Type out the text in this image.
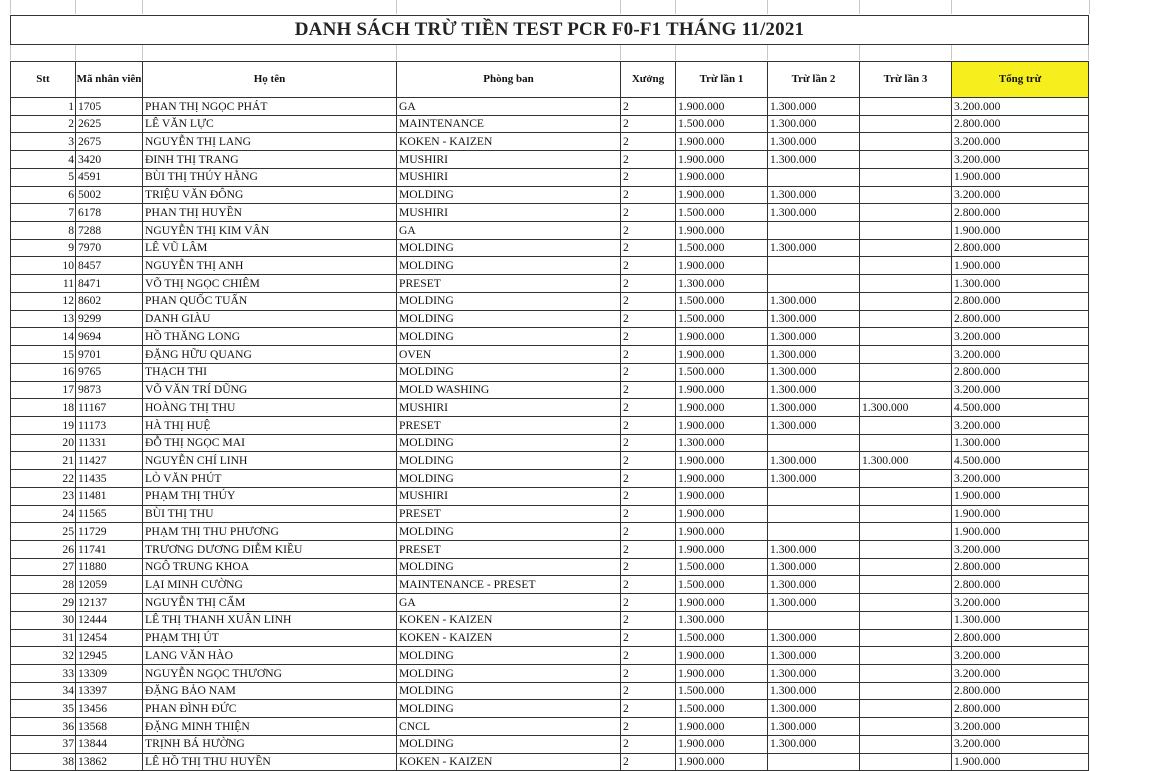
DANH SÁCH TRỪ TIỀN TEST PCR F0-F1 THÁNG 11/2021
Stt	Mã nhân viên	Họ tên	Phòng ban	Xưởng	Trừ lần 1	Trừ lần 2	Trừ lần 3	Tổng trừ
1	1705	PHAN THỊ NGỌC PHÁT	GA	2	1.900.000	1.300.000		3.200.000
2	2625	LÊ VĂN LỰC	MAINTENANCE	2	1.500.000	1.300.000		2.800.000
3	2675	NGUYỄN THỊ LANG	KOKEN - KAIZEN	2	1.900.000	1.300.000		3.200.000
4	3420	ĐINH THỊ TRANG	MUSHIRI	2	1.900.000	1.300.000		3.200.000
5	4591	BÙI THỊ THÚY HẰNG	MUSHIRI	2	1.900.000			1.900.000
6	5002	TRIỆU VĂN ĐÔNG	MOLDING	2	1.900.000	1.300.000		3.200.000
7	6178	PHAN THỊ HUYỀN	MUSHIRI	2	1.500.000	1.300.000		2.800.000
8	7288	NGUYỄN THỊ KIM VÂN	GA	2	1.900.000			1.900.000
9	7970	LÊ VŨ LÂM	MOLDING	2	1.500.000	1.300.000		2.800.000
10	8457	NGUYỄN THỊ ANH	MOLDING	2	1.900.000			1.900.000
11	8471	VÕ THỊ NGỌC CHIÊM	PRESET	2	1.300.000			1.300.000
12	8602	PHAN QUỐC TUẤN	MOLDING	2	1.500.000	1.300.000		2.800.000
13	9299	DANH GIÀU	MOLDING	2	1.500.000	1.300.000		2.800.000
14	9694	HỒ THĂNG LONG	MOLDING	2	1.900.000	1.300.000		3.200.000
15	9701	ĐẶNG HỮU QUANG	OVEN	2	1.900.000	1.300.000		3.200.000
16	9765	THẠCH THI	MOLDING	2	1.500.000	1.300.000		2.800.000
17	9873	VÕ VĂN TRÍ DŨNG	MOLD WASHING	2	1.900.000	1.300.000		3.200.000
18	11167	HOÀNG THỊ THU	MUSHIRI	2	1.900.000	1.300.000	1.300.000	4.500.000
19	11173	HÀ THỊ HUỆ	PRESET	2	1.900.000	1.300.000		3.200.000
20	11331	ĐỖ THỊ NGỌC MAI	MOLDING	2	1.300.000			1.300.000
21	11427	NGUYỄN CHÍ LINH	MOLDING	2	1.900.000	1.300.000	1.300.000	4.500.000
22	11435	LÒ VĂN PHÚT	MOLDING	2	1.900.000	1.300.000		3.200.000
23	11481	PHẠM THỊ THÚY	MUSHIRI	2	1.900.000			1.900.000
24	11565	BÙI THỊ THU	PRESET	2	1.900.000			1.900.000
25	11729	PHẠM THỊ THU PHƯƠNG	MOLDING	2	1.900.000			1.900.000
26	11741	TRƯƠNG DƯƠNG DIỄM KIỀU	PRESET	2	1.900.000	1.300.000		3.200.000
27	11880	NGÔ TRUNG KHOA	MOLDING	2	1.500.000	1.300.000		2.800.000
28	12059	LẠI MINH CƯỜNG	MAINTENANCE - PRESET	2	1.500.000	1.300.000		2.800.000
29	12137	NGUYỄN THỊ CẨM	GA	2	1.900.000	1.300.000		3.200.000
30	12444	LÊ THỊ THANH XUÂN LINH	KOKEN - KAIZEN	2	1.300.000			1.300.000
31	12454	PHẠM THỊ ÚT	KOKEN - KAIZEN	2	1.500.000	1.300.000		2.800.000
32	12945	LANG VĂN HÀO	MOLDING	2	1.900.000	1.300.000		3.200.000
33	13309	NGUYỄN NGỌC THƯƠNG	MOLDING	2	1.900.000	1.300.000		3.200.000
34	13397	ĐẶNG BẢO NAM	MOLDING	2	1.500.000	1.300.000		2.800.000
35	13456	PHAN ĐÌNH ĐỨC	MOLDING	2	1.500.000	1.300.000		2.800.000
36	13568	ĐẶNG MINH THIỆN	CNCL	2	1.900.000	1.300.000		3.200.000
37	13844	TRỊNH BÁ HƯỜNG	MOLDING	2	1.900.000	1.300.000		3.200.000
38	13862	LÊ HỒ THỊ THU HUYỀN	KOKEN - KAIZEN	2	1.900.000			1.900.000
